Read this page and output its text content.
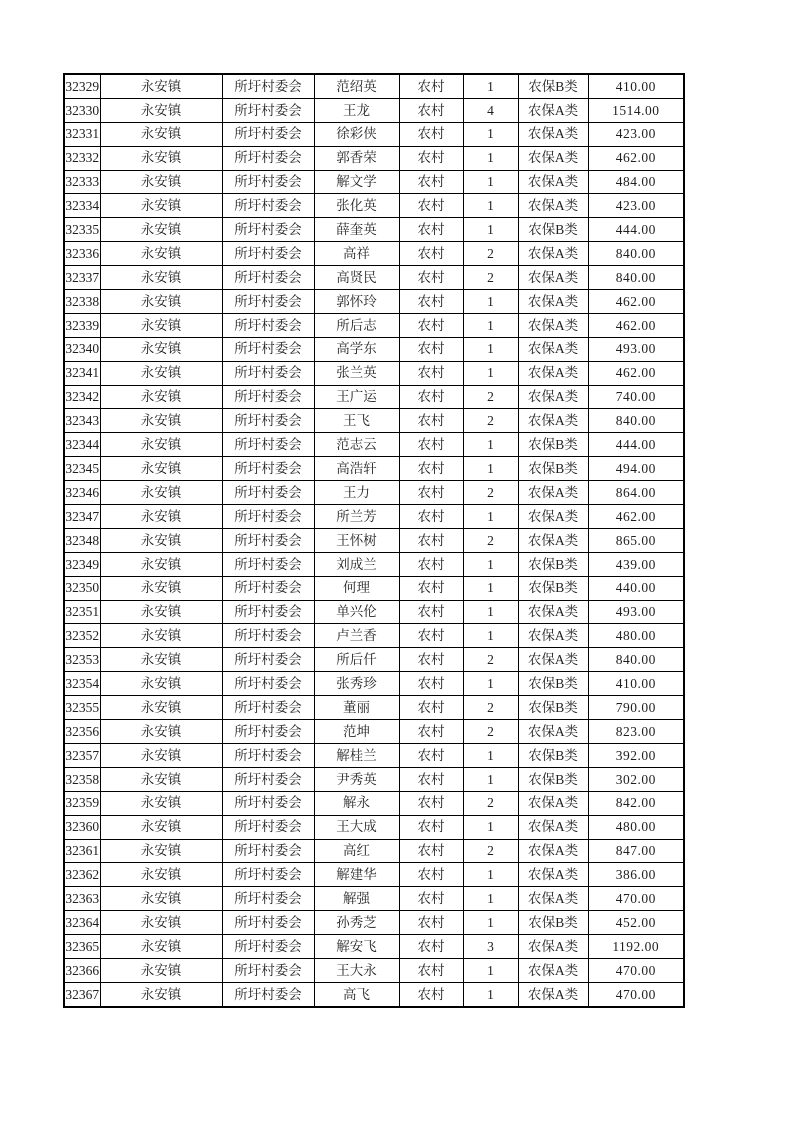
32329	永安镇	所圩村委会	范绍英	农村	1	农保B类	410.00
32330	永安镇	所圩村委会	王龙	农村	4	农保A类	1514.00
32331	永安镇	所圩村委会	徐彩侠	农村	1	农保A类	423.00
32332	永安镇	所圩村委会	郭香荣	农村	1	农保A类	462.00
32333	永安镇	所圩村委会	解文学	农村	1	农保A类	484.00
32334	永安镇	所圩村委会	张化英	农村	1	农保A类	423.00
32335	永安镇	所圩村委会	薛奎英	农村	1	农保B类	444.00
32336	永安镇	所圩村委会	高祥	农村	2	农保A类	840.00
32337	永安镇	所圩村委会	高贤民	农村	2	农保A类	840.00
32338	永安镇	所圩村委会	郭怀玲	农村	1	农保A类	462.00
32339	永安镇	所圩村委会	所后志	农村	1	农保A类	462.00
32340	永安镇	所圩村委会	高学东	农村	1	农保A类	493.00
32341	永安镇	所圩村委会	张兰英	农村	1	农保A类	462.00
32342	永安镇	所圩村委会	王广运	农村	2	农保A类	740.00
32343	永安镇	所圩村委会	王飞	农村	2	农保A类	840.00
32344	永安镇	所圩村委会	范志云	农村	1	农保B类	444.00
32345	永安镇	所圩村委会	高浩轩	农村	1	农保B类	494.00
32346	永安镇	所圩村委会	王力	农村	2	农保A类	864.00
32347	永安镇	所圩村委会	所兰芳	农村	1	农保A类	462.00
32348	永安镇	所圩村委会	王怀树	农村	2	农保A类	865.00
32349	永安镇	所圩村委会	刘成兰	农村	1	农保B类	439.00
32350	永安镇	所圩村委会	何理	农村	1	农保B类	440.00
32351	永安镇	所圩村委会	单兴伦	农村	1	农保A类	493.00
32352	永安镇	所圩村委会	卢兰香	农村	1	农保A类	480.00
32353	永安镇	所圩村委会	所后仟	农村	2	农保A类	840.00
32354	永安镇	所圩村委会	张秀珍	农村	1	农保B类	410.00
32355	永安镇	所圩村委会	董丽	农村	2	农保B类	790.00
32356	永安镇	所圩村委会	范坤	农村	2	农保A类	823.00
32357	永安镇	所圩村委会	解桂兰	农村	1	农保B类	392.00
32358	永安镇	所圩村委会	尹秀英	农村	1	农保B类	302.00
32359	永安镇	所圩村委会	解永	农村	2	农保A类	842.00
32360	永安镇	所圩村委会	王大成	农村	1	农保A类	480.00
32361	永安镇	所圩村委会	高红	农村	2	农保A类	847.00
32362	永安镇	所圩村委会	解建华	农村	1	农保A类	386.00
32363	永安镇	所圩村委会	解强	农村	1	农保A类	470.00
32364	永安镇	所圩村委会	孙秀芝	农村	1	农保B类	452.00
32365	永安镇	所圩村委会	解安飞	农村	3	农保A类	1192.00
32366	永安镇	所圩村委会	王大永	农村	1	农保A类	470.00
32367	永安镇	所圩村委会	高飞	农村	1	农保A类	470.00
